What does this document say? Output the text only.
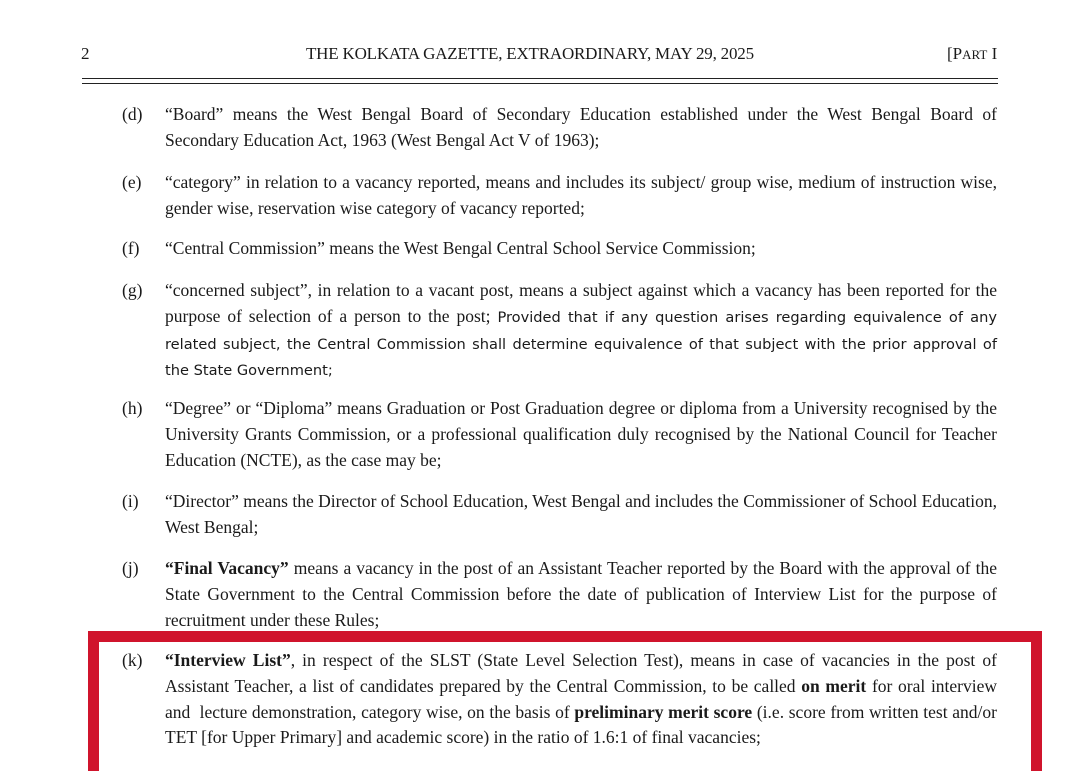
2	THE KOLKATA GAZETTE, EXTRAORDINARY, MAY 29, 2025	[PART I
(d) “Board” means the West Bengal Board of Secondary Education established under the West Bengal Board of Secondary Education Act, 1963 (West Bengal Act V of 1963);
(e) “category” in relation to a vacancy reported, means and includes its subject/ group wise, medium of instruction wise, gender wise, reservation wise category of vacancy reported;
(f) “Central Commission” means the West Bengal Central School Service Commission;
(g) “concerned subject”, in relation to a vacant post, means a subject against which a vacancy has been reported for the purpose of selection of a person to the post; Provided that if any question arises regarding equivalence of any related subject, the Central Commission shall determine equivalence of that subject with the prior approval of the State Government;
(h) “Degree” or “Diploma” means Graduation or Post Graduation degree or diploma from a University recognised by the University Grants Commission, or a professional qualification duly recognised by the National Council for Teacher Education (NCTE), as the case may be;
(i) “Director” means the Director of School Education, West Bengal and includes the Commissioner of School Education, West Bengal;
(j) “Final Vacancy” means a vacancy in the post of an Assistant Teacher reported by the Board with the approval of the State Government to the Central Commission before the date of publication of Interview List for the purpose of recruitment under these Rules;
(k) “Interview List”, in respect of the SLST (State Level Selection Test), means in case of vacancies in the post of Assistant Teacher, a list of candidates prepared by the Central Commission, to be called on merit for oral interview and  lecture demonstration, category wise, on the basis of preliminary merit score (i.e. score from written test and/or TET [for Upper Primary] and academic score) in the ratio of 1.6:1 of final vacancies;
